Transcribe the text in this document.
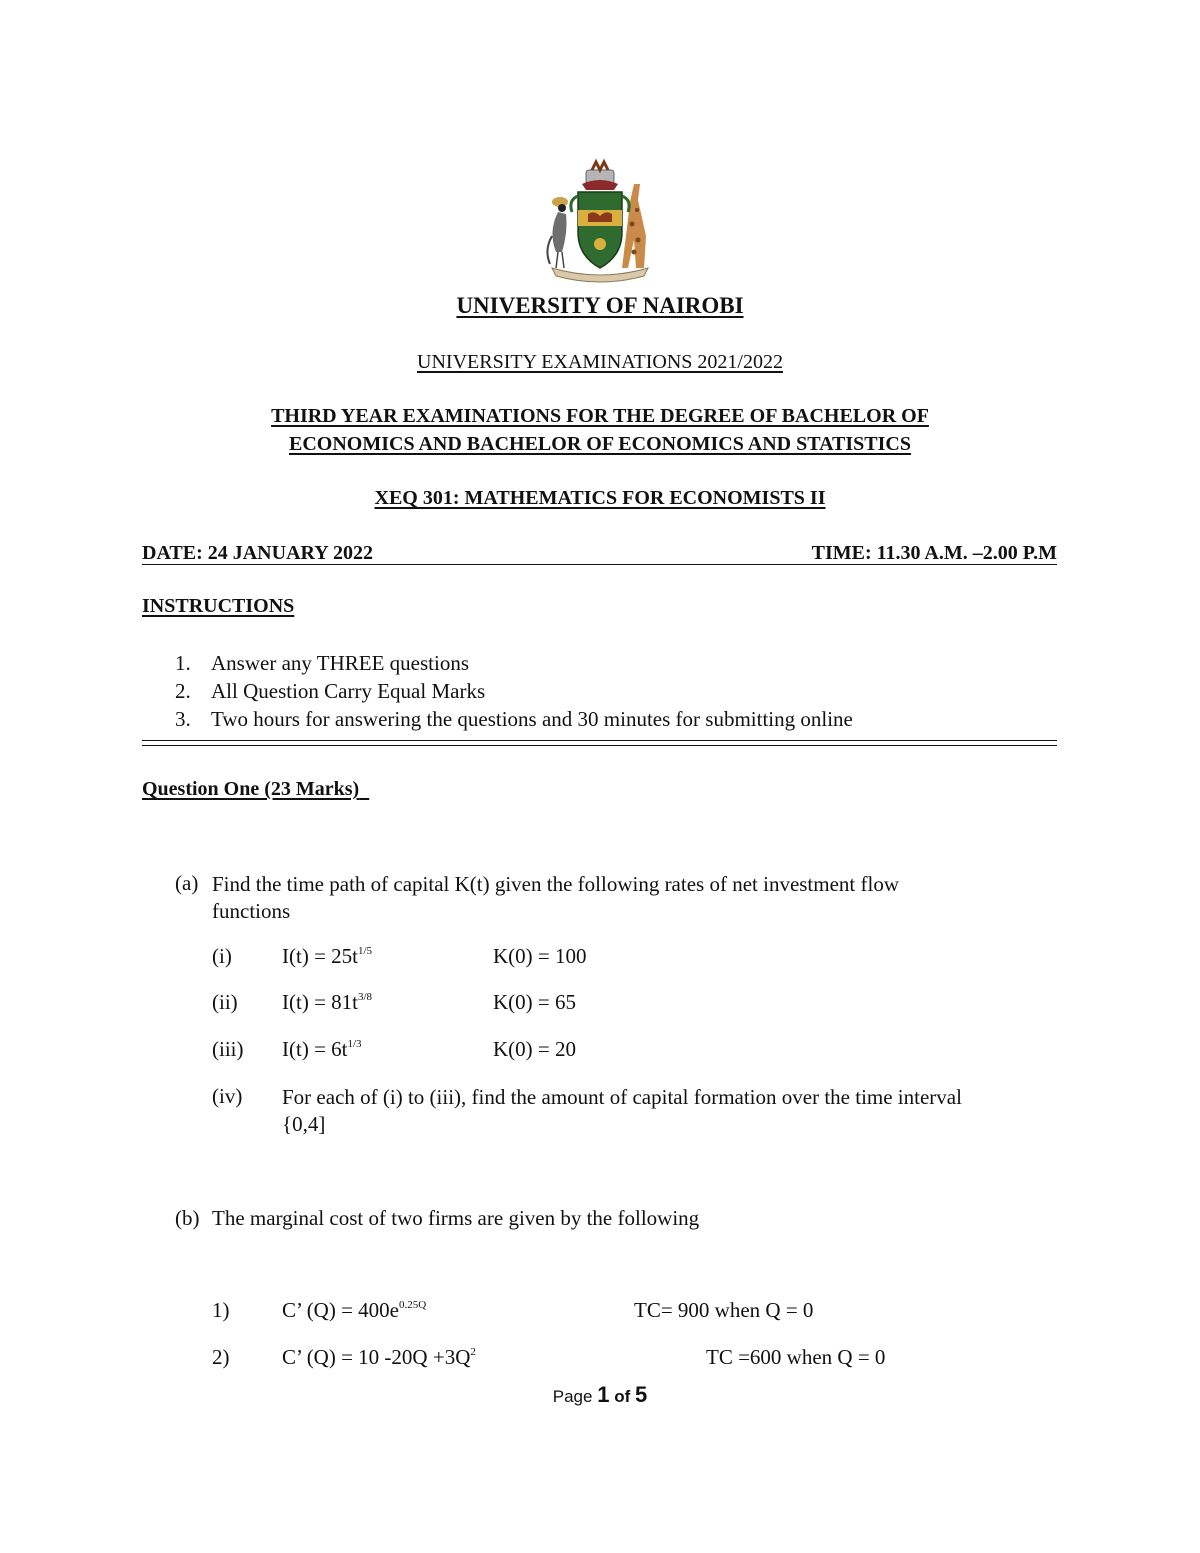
UNIVERSITY OF NAIROBI
UNIVERSITY EXAMINATIONS 2021/2022
THIRD YEAR EXAMINATIONS FOR THE DEGREE OF BACHELOR OF
ECONOMICS AND BACHELOR OF ECONOMICS AND STATISTICS
XEQ 301: MATHEMATICS FOR ECONOMISTS II
DATE: 24 JANUARY 2022	TIME: 11.30 A.M. –2.00 P.M
INSTRUCTIONS
1. Answer any THREE questions
2. All Question Carry Equal Marks
3. Two hours for answering the questions and 30 minutes for submitting online
Question One (23 Marks)
(a) Find the time path of capital K(t) given the following rates of net investment flow
functions
(i) $I(t) = 25t^{1/5}$	K(0) = 100
(ii) $I(t) = 81t^{3/8}$	K(0) = 65
(iii) $I(t) = 6t^{1/3}$	K(0) = 20
(iv) For each of (i) to (iii), find the amount of capital formation over the time interval
{0,4]
(b) The marginal cost of two firms are given by the following
1)	C’ $(Q) = 400e^{0.25Q}$	TC= 900 when Q = 0
2)	C’ (Q) = 10 $-20Q +3Q^2$	TC =600 when Q = 0
Page 1 of 5
